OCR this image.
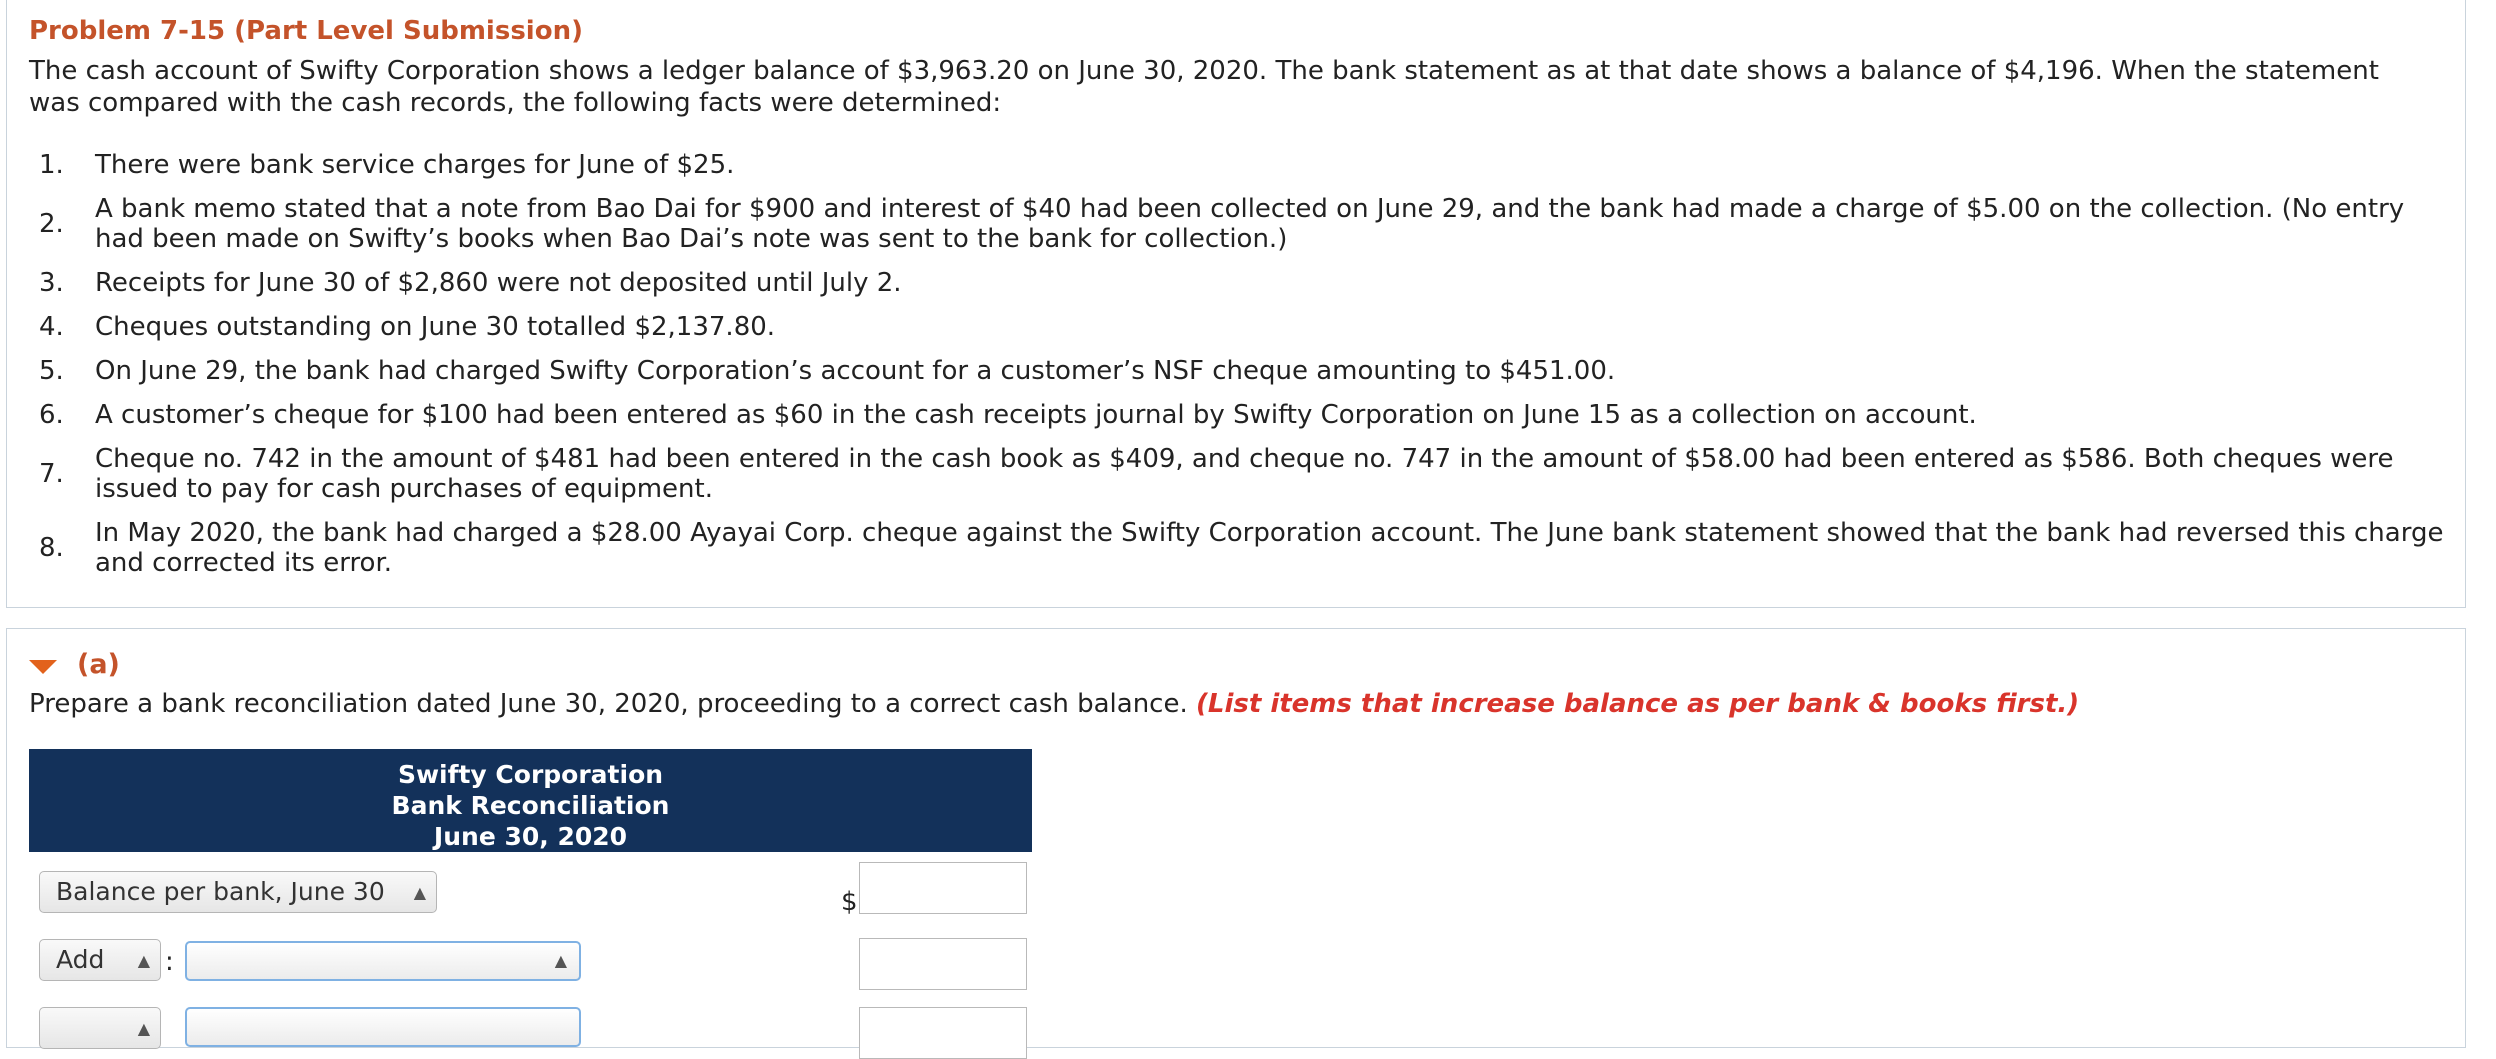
Problem 7-15 (Part Level Submission)
The cash account of Swifty Corporation shows a ledger balance of $3,963.20 on June 30, 2020. The bank statement as at that date shows a balance of $4,196. When the statement was compared with the cash records, the following facts were determined:
1.	There were bank service charges for June of $25.
2.	A bank memo stated that a note from Bao Dai for $900 and interest of $40 had been collected on June 29, and the bank had made a charge of $5.00 on the collection. (No entry had been made on Swifty’s books when Bao Dai’s note was sent to the bank for collection.)
3.	Receipts for June 30 of $2,860 were not deposited until July 2.
4.	Cheques outstanding on June 30 totalled $2,137.80.
5.	On June 29, the bank had charged Swifty Corporation’s account for a customer’s NSF cheque amounting to $451.00.
6.	A customer’s cheque for $100 had been entered as $60 in the cash receipts journal by Swifty Corporation on June 15 as a collection on account.
7.	Cheque no. 742 in the amount of $481 had been entered in the cash book as $409, and cheque no. 747 in the amount of $58.00 had been entered as $586. Both cheques were issued to pay for cash purchases of equipment.
8.	In May 2020, the bank had charged a $28.00 Ayayai Corp. cheque against the Swifty Corporation account. The June bank statement showed that the bank had reversed this charge and corrected its error.
(a)
Prepare a bank reconciliation dated June 30, 2020, proceeding to a correct cash balance. (List items that increase balance as per bank & books first.)
Swifty Corporation
Bank Reconciliation
June 30, 2020
Balance per bank, June 30 ▲	$
Add ▲ :	▲
▲
